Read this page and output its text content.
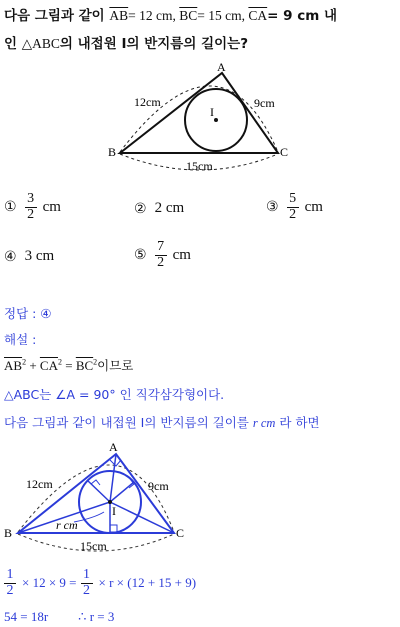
다음 그림과 같이 $\overline{AB}= 12$ cm, $\overline{BC}= 15$ cm, $\overline{CA}= 9$ cm 내
인 △ABC의 내접원 I의 반지름의 길이는?
A
B	C
I
12cm	9cm
15cm
① $\frac{3}{2}$ cm	② 2 cm	③ $\frac{5}{2}$ cm
④ 3 cm	⑤ $\frac{7}{2}$ cm
정답 : ④
해설 :
$\overline{AB}^2 + \overline{CA}^2 = \overline{BC}^2$이므로
△ABC는 ∠A = 90° 인 직각삼각형이다.
다음 그림과 같이 내접원 I의 반지름의 길이를 r cm 라 하면
A
B	C
I
12cm	9cm
15cm
r cm
$\frac{1}{2} \times 12 \times 9 = \frac{1}{2} \times r \times (12 + 15 + 9)$
54 = 18r ∴ r = 3
